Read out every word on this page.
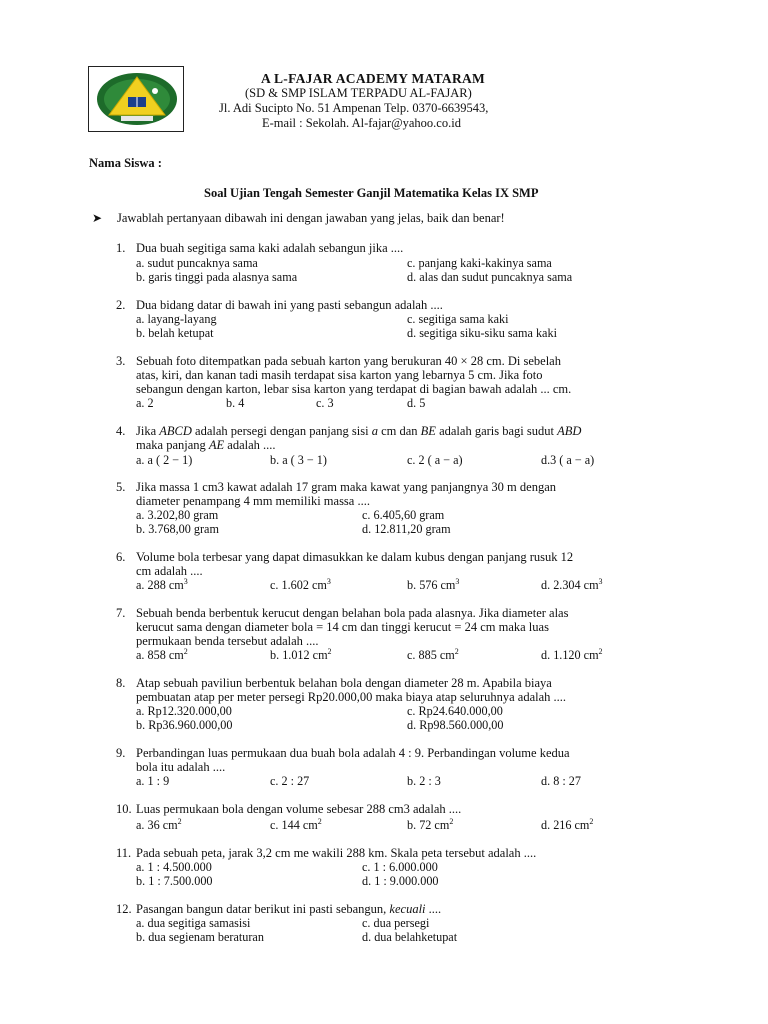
A L-FAJAR ACADEMY MATARAM
(SD & SMP ISLAM TERPADU AL-FAJAR)
Jl. Adi Sucipto No. 51 Ampenan Telp. 0370-6639543,
E-mail : Sekolah. Al-fajar@yahoo.co.id
Nama Siswa :
Soal Ujian Tengah Semester Ganjil Matematika Kelas IX SMP
➤ Jawablah pertanyaan dibawah ini dengan jawaban yang jelas, baik dan benar!
1. Dua buah segitiga sama kaki adalah sebangun jika ....
a. sudut puncaknya sama	c. panjang kaki-kakinya sama
b. garis tinggi pada alasnya sama	d. alas dan sudut puncaknya sama
2. Dua bidang datar di bawah ini yang pasti sebangun adalah ....
a. layang-layang	c. segitiga sama kaki
b. belah ketupat	d. segitiga siku-siku sama kaki
3. Sebuah foto ditempatkan pada sebuah karton yang berukuran 40 × 28 cm. Di sebelah
atas, kiri, dan kanan tadi masih terdapat sisa karton yang lebarnya 5 cm. Jika foto
sebangun dengan karton, lebar sisa karton yang terdapat di bagian bawah adalah ... cm.
a. 2	b. 4	c. 3	d. 5
4. Jika ABCD adalah persegi dengan panjang sisi a cm dan BE adalah garis bagi sudut ABD
maka panjang AE adalah ....
a. a ( 2 − 1)	b. a ( 3 − 1)	c. 2 ( a − a)	d.3 ( a − a)
5. Jika massa 1 cm3 kawat adalah 17 gram maka kawat yang panjangnya 30 m dengan
diameter penampang 4 mm memiliki massa ....
a. 3.202,80 gram	c. 6.405,60 gram
b. 3.768,00 gram	d. 12.811,20 gram
6. Volume bola terbesar yang dapat dimasukkan ke dalam kubus dengan panjang rusuk 12
cm adalah ....
a. 288 $cm^3$	c. 1.602 $cm^3$	b. 576 $cm^3$	d. 2.304 $cm^3$
7. Sebuah benda berbentuk kerucut dengan belahan bola pada alasnya. Jika diameter alas
kerucut sama dengan diameter bola = 14 cm dan tinggi kerucut = 24 cm maka luas
permukaan benda tersebut adalah ....
a. 858 $cm^2$	b. 1.012 $cm^2$	c. 885 $cm^2$	d. 1.120 $cm^2$
8. Atap sebuah paviliun berbentuk belahan bola dengan diameter 28 m. Apabila biaya
pembuatan atap per meter persegi Rp20.000,00 maka biaya atap seluruhnya adalah ....
a. Rp12.320.000,00	c. Rp24.640.000,00
b. Rp36.960.000,00	d. Rp98.560.000,00
9. Perbandingan luas permukaan dua buah bola adalah 4 : 9. Perbandingan volume kedua
bola itu adalah ....
a. 1 : 9	c. 2 : 27	b. 2 : 3	d. 8 : 27
10. Luas permukaan bola dengan volume sebesar 288 cm3 adalah ....
a. 36 $cm^2$	c. 144 $cm^2$	b. 72 $cm^2$	d. 216 $cm^2$
11. Pada sebuah peta, jarak 3,2 cm me wakili 288 km. Skala peta tersebut adalah ....
a. 1 : 4.500.000	c. 1 : 6.000.000
b. 1 : 7.500.000	d. 1 : 9.000.000
12. Pasangan bangun datar berikut ini pasti sebangun, kecuali ....
a. dua segitiga samasisi	c. dua persegi
b. dua segienam beraturan	d. dua belahketupat
